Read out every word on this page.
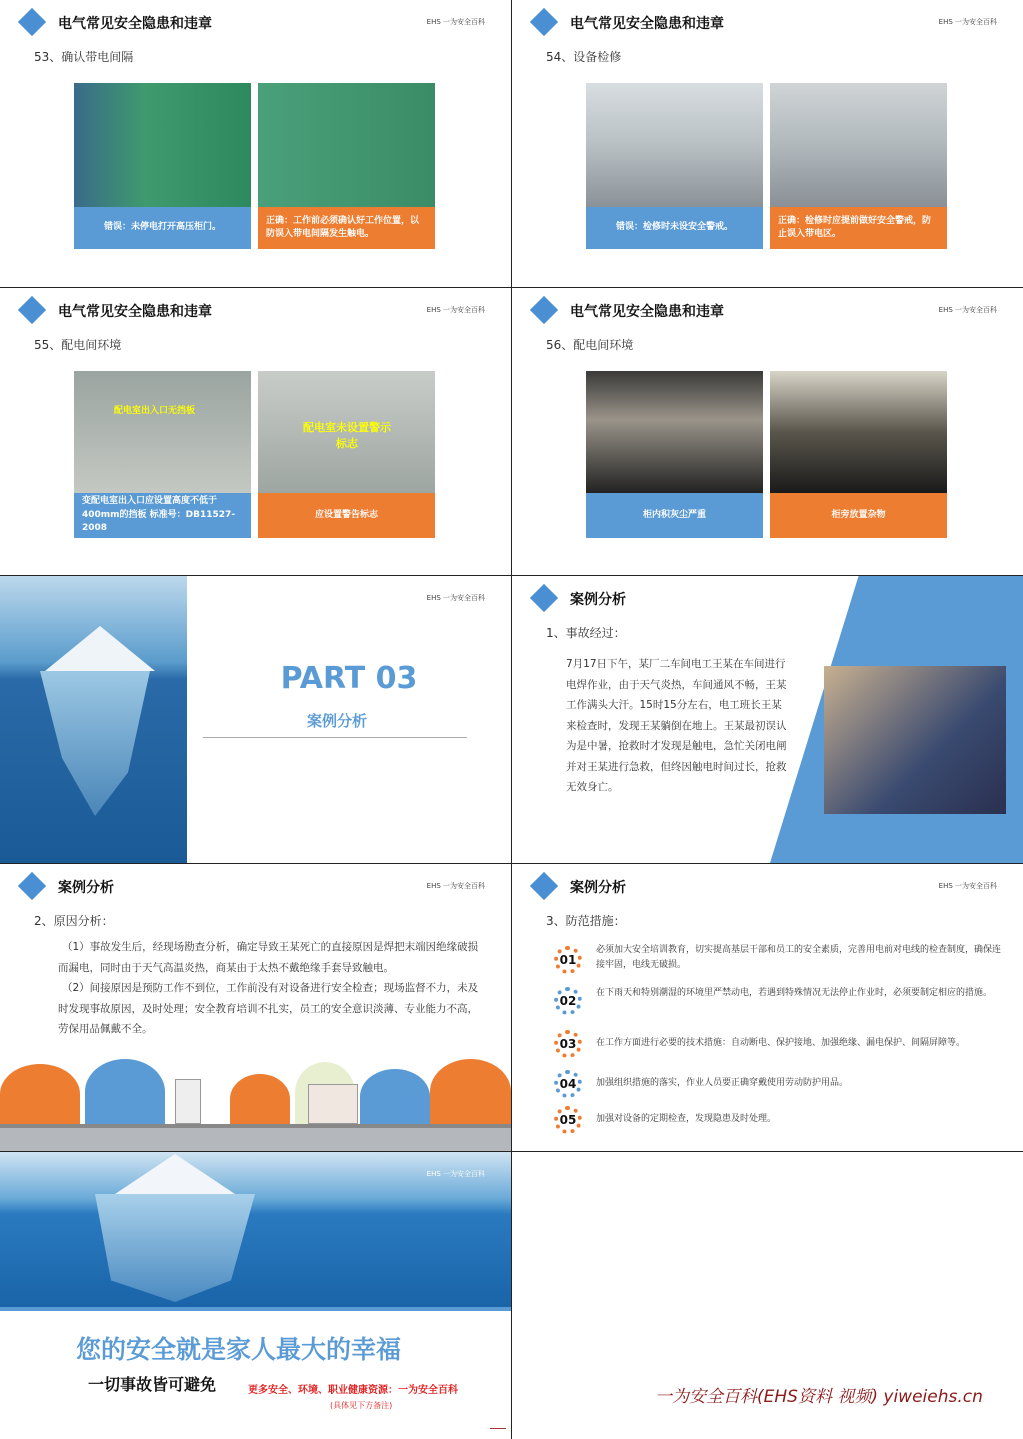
电气常见安全隐患和违章	EHS 一为安全百科
53、确认带电间隔
错误：未停电打开高压柜门。
正确：工作前必须确认好工作位置，以防误入带电间隔发生触电。
电气常见安全隐患和违章	EHS 一为安全百科
54、设备检修
错误：检修时未设安全警戒。
正确：检修时应提前做好安全警戒，防止误入带电区。
电气常见安全隐患和违章	EHS 一为安全百科
55、配电间环境
配电室出入口无挡板
配电室未设置警示标志
变配电室出入口应设置高度不低于400mm的挡板 标准号：DB11527-2008
应设置警告标志
电气常见安全隐患和违章	EHS 一为安全百科
56、配电间环境
柜内积灰尘严重	柜旁放置杂物
EHS 一为安全百科
PART 03
案例分析
案例分析
1、事故经过：
7月17日下午，某厂二车间电工王某在车间进行电焊作业，由于天气炎热，车间通风不畅，王某工作满头大汗。15时15分左右，电工班长王某来检查时，发现王某躺倒在地上。王某最初误认为是中暑，抢救时才发现是触电，急忙关闭电闸并对王某进行急救，但终因触电时间过长，抢救无效身亡。
案例分析	EHS 一为安全百科
2、原因分析：
（1）事故发生后，经现场勘查分析，确定导致王某死亡的直接原因是焊把末端因绝缘破损而漏电，同时由于天气高温炎热，商某由于太热不戴绝缘手套导致触电。
（2）间接原因是预防工作不到位，工作前没有对设备进行安全检查；现场监督不力，未及时发现事故原因，及时处理；安全教育培训不扎实，员工的安全意识淡薄、专业能力不高，劳保用品佩戴不全。
案例分析	EHS 一为安全百科
3、防范措施：
01
必须加大安全培训教育，切实提高基层干部和员工的安全素质，完善用电前对电线的检查制度，确保连接牢固，电线无破损。
02
在下雨天和特别潮湿的环境里严禁动电，若遇到特殊情况无法停止作业时，必须要制定相应的措施。
03	在工作方面进行必要的技术措施：自动断电、保护接地、加强绝缘、漏电保护、间隔屏障等。
04	加强组织措施的落实，作业人员要正确穿戴使用劳动防护用品。
05	加强对设备的定期检查，发现隐患及时处理。
EHS 一为安全百科
您的安全就是家人最大的幸福
一切事故皆可避免	更多安全、环境、职业健康资源：一为安全百科
(具体见下方备注)	一为安全百科(EHS资料 视频) yiweiehs.cn
